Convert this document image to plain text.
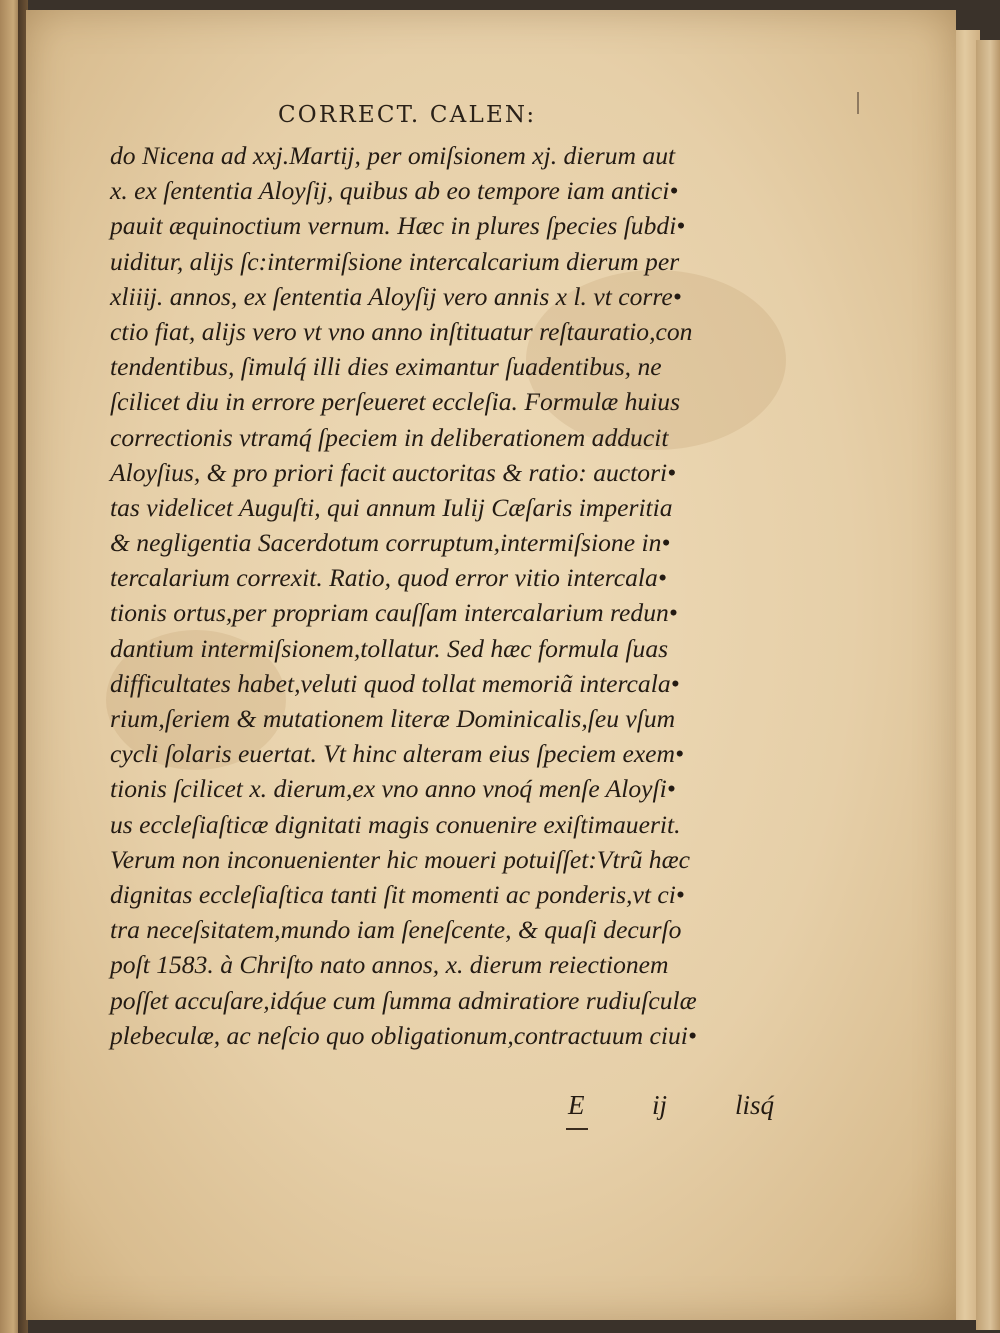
CORRECT. CALEN:
do Nicena ad xxj.Martij, per omiſsionem xj. dierum aut
x. ex ſententia Aloyſij, quibus ab eo tempore iam antici•
pauit æquinoctium vernum. Hæc in plures ſpecies ſubdi•
uiditur, alijs ſc:intermiſsione intercalcarium dierum per
xliiij. annos, ex ſententia Aloyſij vero annis x l. vt corre•
ctio fiat, alijs vero vt vno anno inſtituatur reſtauratio,con
tendentibus, ſimulq́ illi dies eximantur ſuadentibus, ne
ſcilicet diu in errore perſeueret eccleſia. Formulæ huius
correctionis vtramq́ ſpeciem in deliberationem adducit
Aloyſius, & pro priori facit auctoritas & ratio: auctori•
tas videlicet Auguſti, qui annum Iulij Cæſaris imperitia
& negligentia Sacerdotum corruptum,intermiſsione in•
tercalarium correxit. Ratio, quod error vitio intercala•
tionis ortus,per propriam cauſſam intercalarium redun•
dantium intermiſsionem,tollatur. Sed hæc formula ſuas
difficultates habet,veluti quod tollat memoriã intercala•
rium,ſeriem & mutationem literæ Dominicalis,ſeu vſum
cycli ſolaris euertat. Vt hinc alteram eius ſpeciem exem•
tionis ſcilicet x. dierum,ex vno anno vnoq́ menſe Aloyſi•
us eccleſiaſticæ dignitati magis conuenire exiſtimauerit.
Verum non inconuenienter hic moueri potuiſſet:Vtrũ hæc
dignitas eccleſiaſtica tanti ſit momenti ac ponderis,vt ci•
tra neceſsitatem,mundo iam ſeneſcente, & quaſi decurſo
poſt 1583. à Chriſto nato annos, x. dierum reiectionem
poſſet accuſare,idq́ue cum ſumma admiratiore rudiuſculæ
plebeculæ, ac neſcio quo obligationum,contractuum ciui•
E	ij	lisq́
